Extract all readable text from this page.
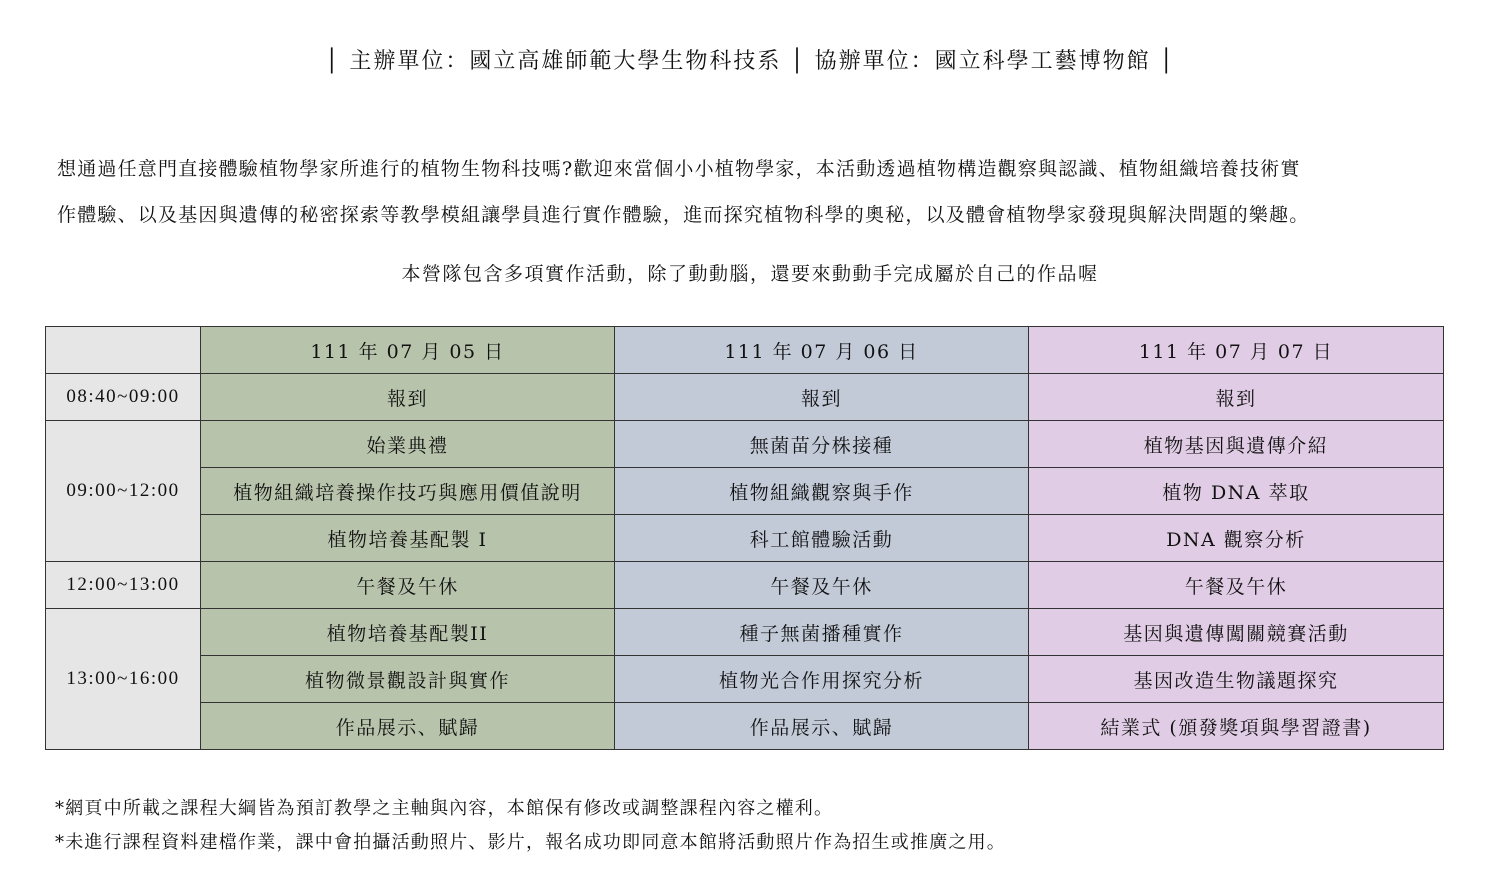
│ 主辦單位：國立高雄師範大學生物科技系 │ 協辦單位：國立科學工藝博物館 │
想通過任意門直接體驗植物學家所進行的植物生物科技嗎?歡迎來當個小小植物學家，本活動透過植物構造觀察與認識、植物組織培養技術實
作體驗、以及基因與遺傳的秘密探索等教學模組讓學員進行實作體驗，進而探究植物科學的奧秘，以及體會植物學家發現與解決問題的樂趣。
本營隊包含多項實作活動，除了動動腦，還要來動動手完成屬於自己的作品喔
	111 年 07 月 05 日	111 年 07 月 06 日	111 年 07 月 07 日
08:40~09:00	報到	報到	報到
09:00~12:00	始業典禮	無菌苗分株接種	植物基因與遺傳介紹
	植物組織培養操作技巧與應用價值說明	植物組織觀察與手作	植物 DNA 萃取
	植物培養基配製 I	科工館體驗活動	DNA 觀察分析
12:00~13:00	午餐及午休	午餐及午休	午餐及午休
13:00~16:00	植物培養基配製II	種子無菌播種實作	基因與遺傳闖關競賽活動
	植物微景觀設計與實作	植物光合作用探究分析	基因改造生物議題探究
	作品展示、賦歸	作品展示、賦歸	結業式 (頒發獎項與學習證書)
*網頁中所載之課程大綱皆為預訂教學之主軸與內容，本館保有修改或調整課程內容之權利。
*未進行課程資料建檔作業，課中會拍攝活動照片、影片，報名成功即同意本館將活動照片作為招生或推廣之用。
